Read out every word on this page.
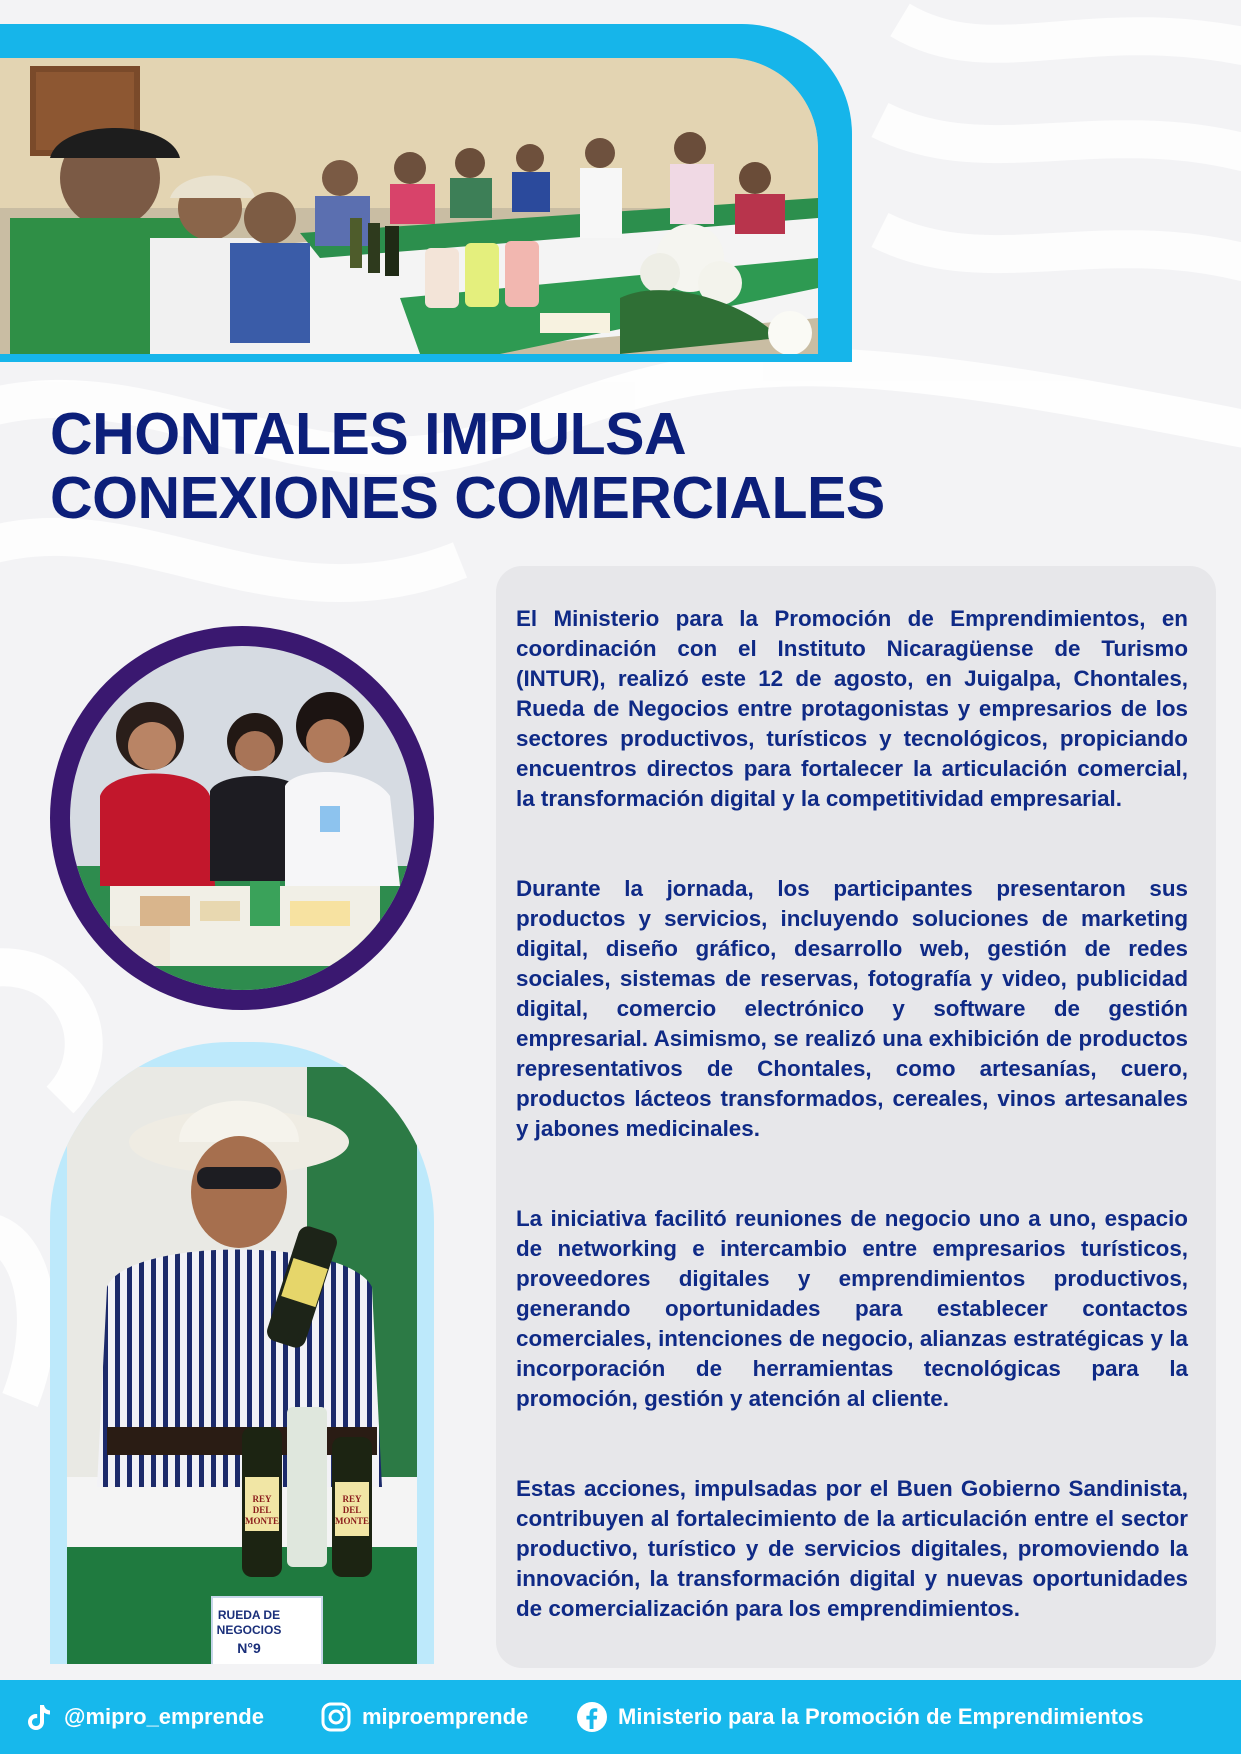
CHONTALES IMPULSA
CONEXIONES COMERCIALES
REY
DEL
MONTE
REY
DEL
MONTE
RUEDA DE
NEGOCIOS
N°9

El Ministerio para la Promoción de Emprendimientos, en coordinación con el Instituto Nicaragüense de Turismo (INTUR), realizó este 12 de agosto, en Juigalpa, Chontales, Rueda de Negocios entre protagonistas y empresarios de los sectores productivos, turísticos y tecnológicos, propiciando encuentros directos para fortalecer la articulación comercial, la transformación digital y la competitividad empresarial.

Durante la jornada, los participantes presentaron sus productos y servicios, incluyendo soluciones de marketing digital, diseño gráfico, desarrollo web, gestión de redes sociales, sistemas de reservas, fotografía y video, publicidad digital, comercio electrónico y software de gestión empresarial. Asimismo, se realizó una exhibición de productos representativos de Chontales, como artesanías, cuero, productos lácteos transformados, cereales, vinos artesanales y jabones medicinales.

La iniciativa facilitó reuniones de negocio uno a uno, espacio de networking e intercambio entre empresarios turísticos, proveedores digitales y emprendimientos productivos, generando oportunidades para establecer contactos comerciales, intenciones de negocio, alianzas estratégicas y la incorporación de herramientas tecnológicas para la promoción, gestión y atención al cliente.

Estas acciones, impulsadas por el Buen Gobierno Sandinista, contribuyen al fortalecimiento de la articulación entre el sector productivo, turístico y de servicios digitales, promoviendo la innovación, la transformación digital y nuevas oportunidades de comercialización para los emprendimientos.

@mipro_emprende	miproemprende	Ministerio para la Promoción de Emprendimientos
